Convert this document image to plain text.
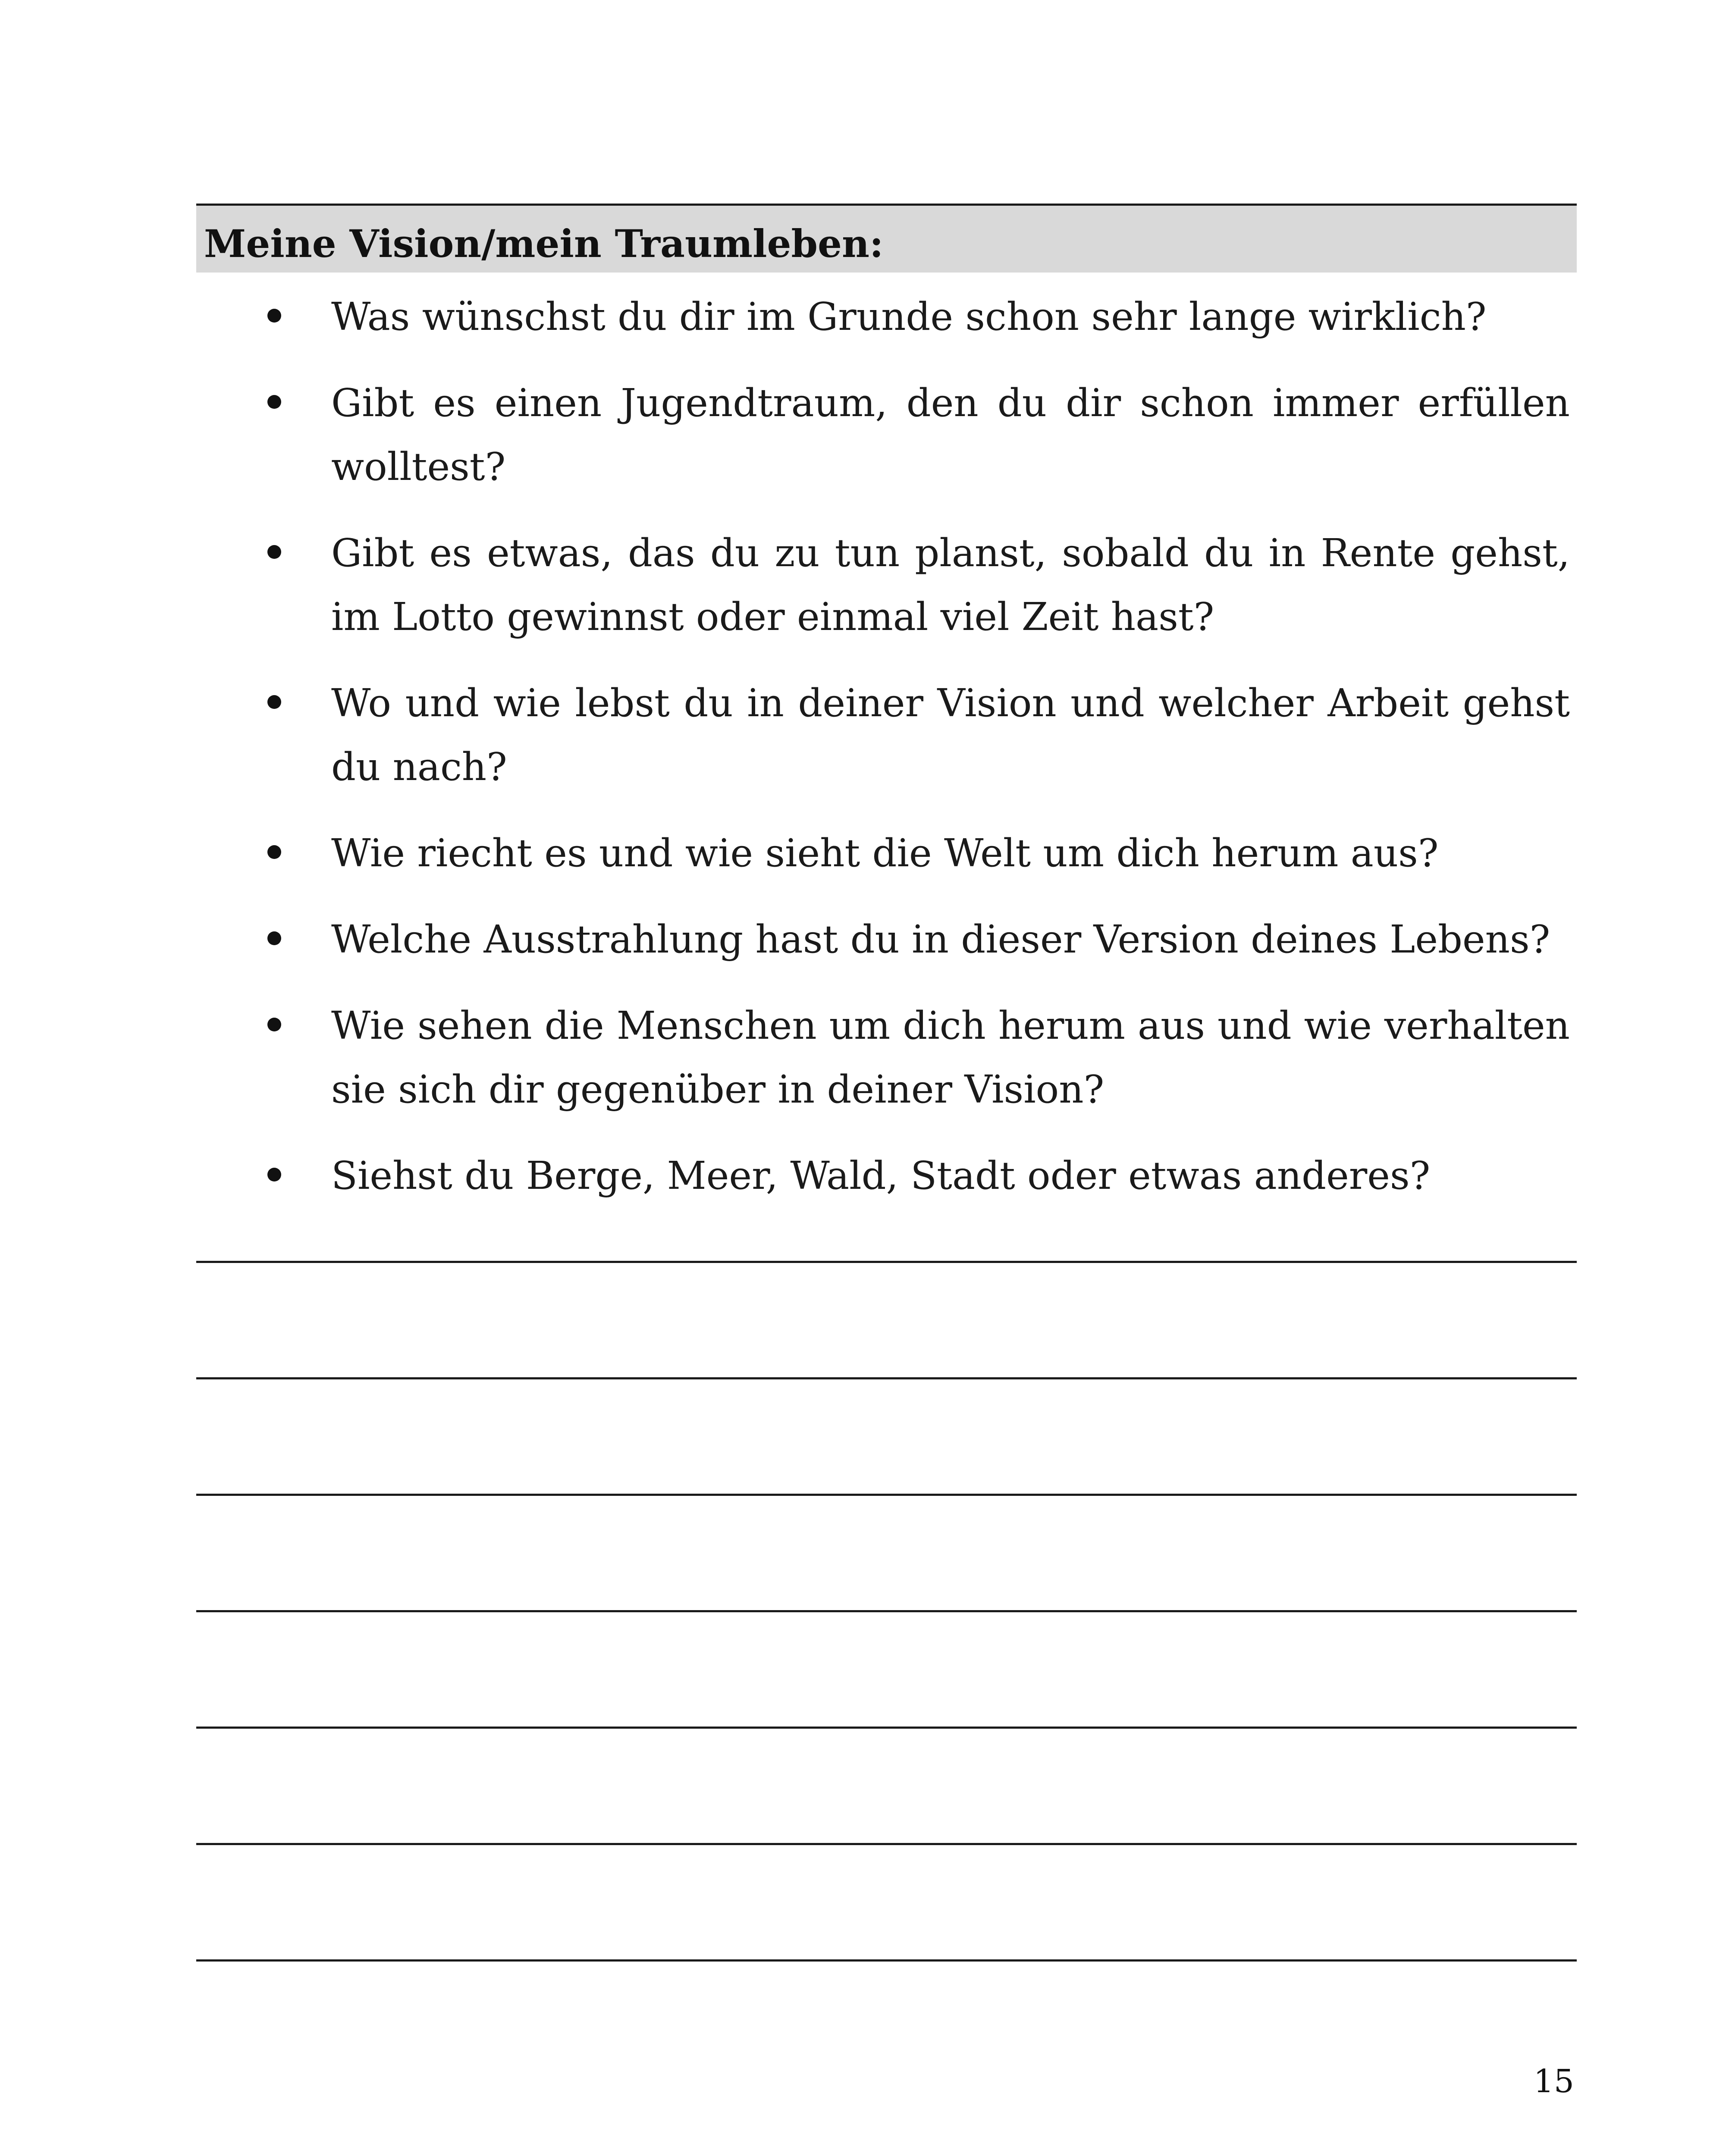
Meine Vision/mein Traumleben:
Was wünschst du dir im Grunde schon sehr lange wirklich?
Gibt es einen Jugendtraum, den du dir schon immer erfüllen wolltest?
Gibt es etwas, das du zu tun planst, sobald du in Rente gehst, im Lotto gewinnst oder einmal viel Zeit hast?
Wo und wie lebst du in deiner Vision und welcher Arbeit gehst du nach?
Wie riecht es und wie sieht die Welt um dich herum aus?
Welche Ausstrahlung hast du in dieser Version deines Lebens?
Wie sehen die Menschen um dich herum aus und wie verhalten sie sich dir gegenüber in deiner Vision?
Siehst du Berge, Meer, Wald, Stadt oder etwas anderes?
15
